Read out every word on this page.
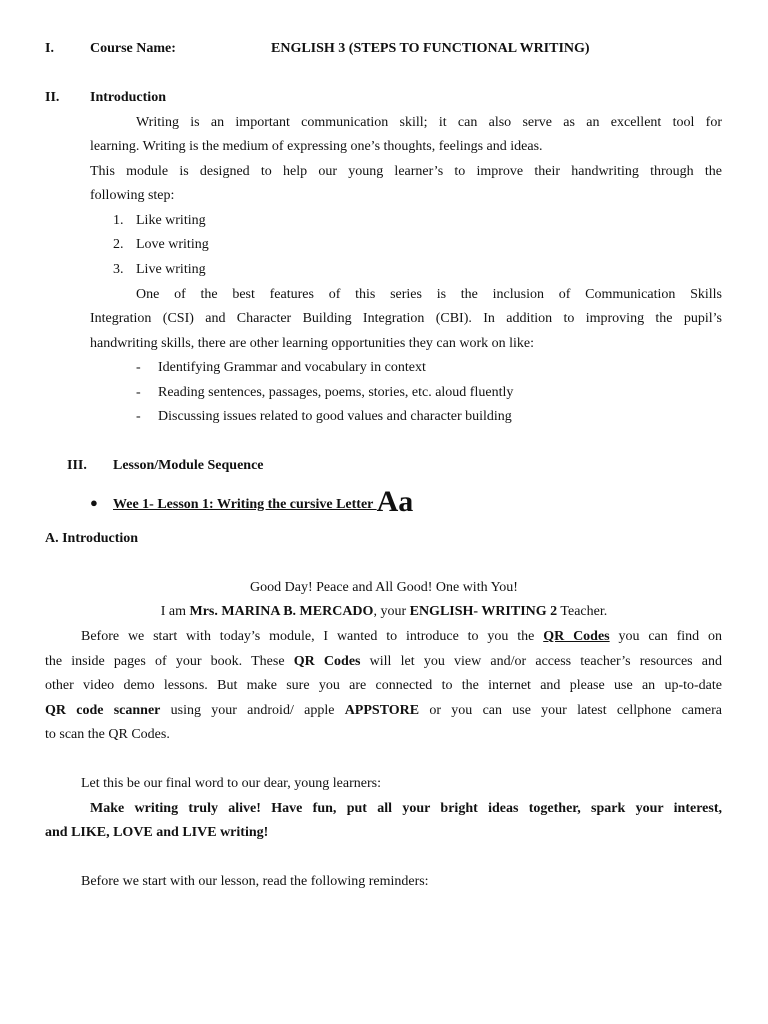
I.	Course Name:	ENGLISH 3 (STEPS TO FUNCTIONAL WRITING)
II. Introduction
Writing is an important communication skill; it can also serve as an excellent tool for
learning. Writing is the medium of expressing one’s thoughts, feelings and ideas.
This module is designed to help our young learner’s to improve their handwriting through the
following step:
1. Like writing
2. Love writing
3. Live writing
One of the best features of this series is the inclusion of Communication Skills
Integration (CSI) and Character Building Integration (CBI). In addition to improving the pupil’s
handwriting skills, there are other learning opportunities they can work on like:
- Identifying Grammar and vocabulary in context
- Reading sentences, passages, poems, stories, etc. aloud fluently
- Discussing issues related to good values and character building
III. Lesson/Module Sequence
● Wee 1- Lesson 1: Writing the cursive Letter Aa
A. Introduction
Good Day! Peace and All Good! One with You!
I am Mrs. MARINA B. MERCADO, your ENGLISH- WRITING 2 Teacher.
Before we start with today’s module, I wanted to introduce to you the QR Codes you can find on
the inside pages of your book. These QR Codes will let you view and/or access teacher’s resources and
other video demo lessons. But make sure you are connected to the internet and please use an up-to-date
QR code scanner using your android/ apple APPSTORE or you can use your latest cellphone camera
to scan the QR Codes.
Let this be our final word to our dear, young learners:
Make writing truly alive! Have fun, put all your bright ideas together, spark your interest,
and LIKE, LOVE and LIVE writing!
Before we start with our lesson, read the following reminders:
